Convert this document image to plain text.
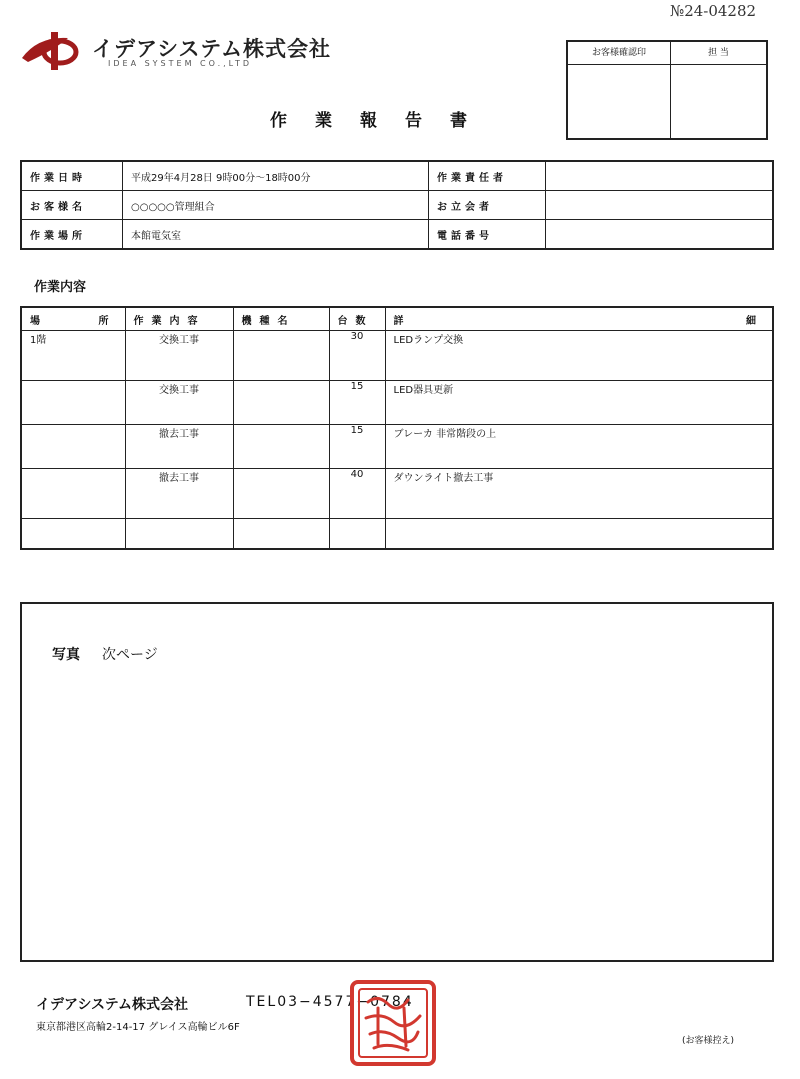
№24-04282
イデアシステム株式会社
IDEA SYSTEM CO.,LTD
お客様確認印	担 当
作業報告書
作業日時	平成29年4月28日 9時00分〜18時00分	作業責任者	
お客様名	○○○○○管理組合	お立会者	
作業場所	本館電気室	電話番号	
作業内容
場 所	作業内容	機種名	台数	詳 細

1階	交換工事		30	LEDランプ交換
	交換工事		15	LED器具更新
	撤去工事		15	ブレーカ 非常階段の上
	撤去工事		40	ダウンライト撤去工事

写真 次ページ
イデアシステム株式会社	TEL03−4577−0784
東京都港区高輪2-14-17 グレイス高輪ビル6F
(お客様控え)
